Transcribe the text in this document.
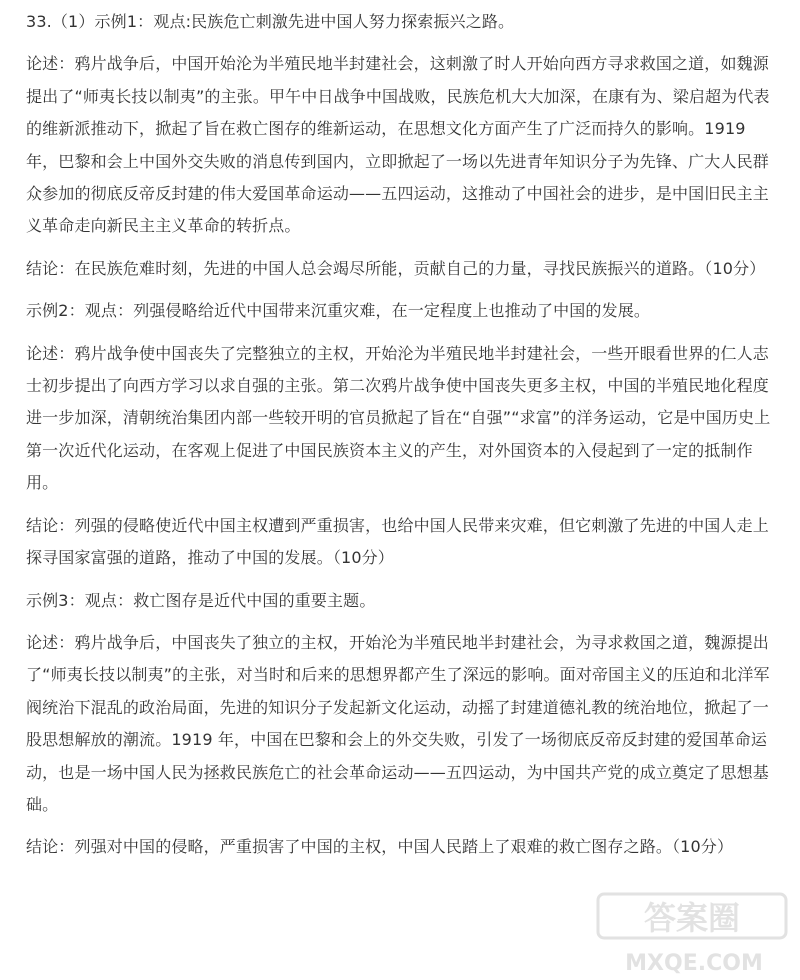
33.（1）示例1：观点:民族危亡刺激先进中国人努力探索振兴之路。

论述：鸦片战争后，中国开始沦为半殖民地半封建社会，这刺激了时人开始向西方寻求救国之道，如魏源提出了“师夷长技以制夷”的主张。甲午中日战争中国战败，民族危机大大加深，在康有为、梁启超为代表的维新派推动下，掀起了旨在救亡图存的维新运动，在思想文化方面产生了广泛而持久的影响。1919 年，巴黎和会上中国外交失败的消息传到国内，立即掀起了一场以先进青年知识分子为先锋、广大人民群众参加的彻底反帝反封建的伟大爱国革命运动——五四运动，这推动了中国社会的进步，是中国旧民主主义革命走向新民主主义革命的转折点。

结论：在民族危难时刻，先进的中国人总会竭尽所能，贡献自己的力量，寻找民族振兴的道路。（10分）

示例2：观点：列强侵略给近代中国带来沉重灾难，在一定程度上也推动了中国的发展。

论述：鸦片战争使中国丧失了完整独立的主权，开始沦为半殖民地半封建社会，一些开眼看世界的仁人志士初步提出了向西方学习以求自强的主张。第二次鸦片战争使中国丧失更多主权，中国的半殖民地化程度进一步加深，清朝统治集团内部一些较开明的官员掀起了旨在“自强”“求富”的洋务运动，它是中国历史上第一次近代化运动，在客观上促进了中国民族资本主义的产生，对外国资本的入侵起到了一定的抵制作用。

结论：列强的侵略使近代中国主权遭到严重损害，也给中国人民带来灾难，但它刺激了先进的中国人走上探寻国家富强的道路，推动了中国的发展。（10分）

示例3：观点：救亡图存是近代中国的重要主题。

论述：鸦片战争后，中国丧失了独立的主权，开始沦为半殖民地半封建社会，为寻求救国之道，魏源提出了“师夷长技以制夷”的主张，对当时和后来的思想界都产生了深远的影响。面对帝国主义的压迫和北洋军阀统治下混乱的政治局面，先进的知识分子发起新文化运动，动摇了封建道德礼教的统治地位，掀起了一股思想解放的潮流。1919 年，中国在巴黎和会上的外交失败，引发了一场彻底反帝反封建的爱国革命运动，也是一场中国人民为拯救民族危亡的社会革命运动——五四运动，为中国共产党的成立奠定了思想基础。

结论：列强对中国的侵略，严重损害了中国的主权，中国人民踏上了艰难的救亡图存之路。（10分）

答案圈
MXQE.COM
